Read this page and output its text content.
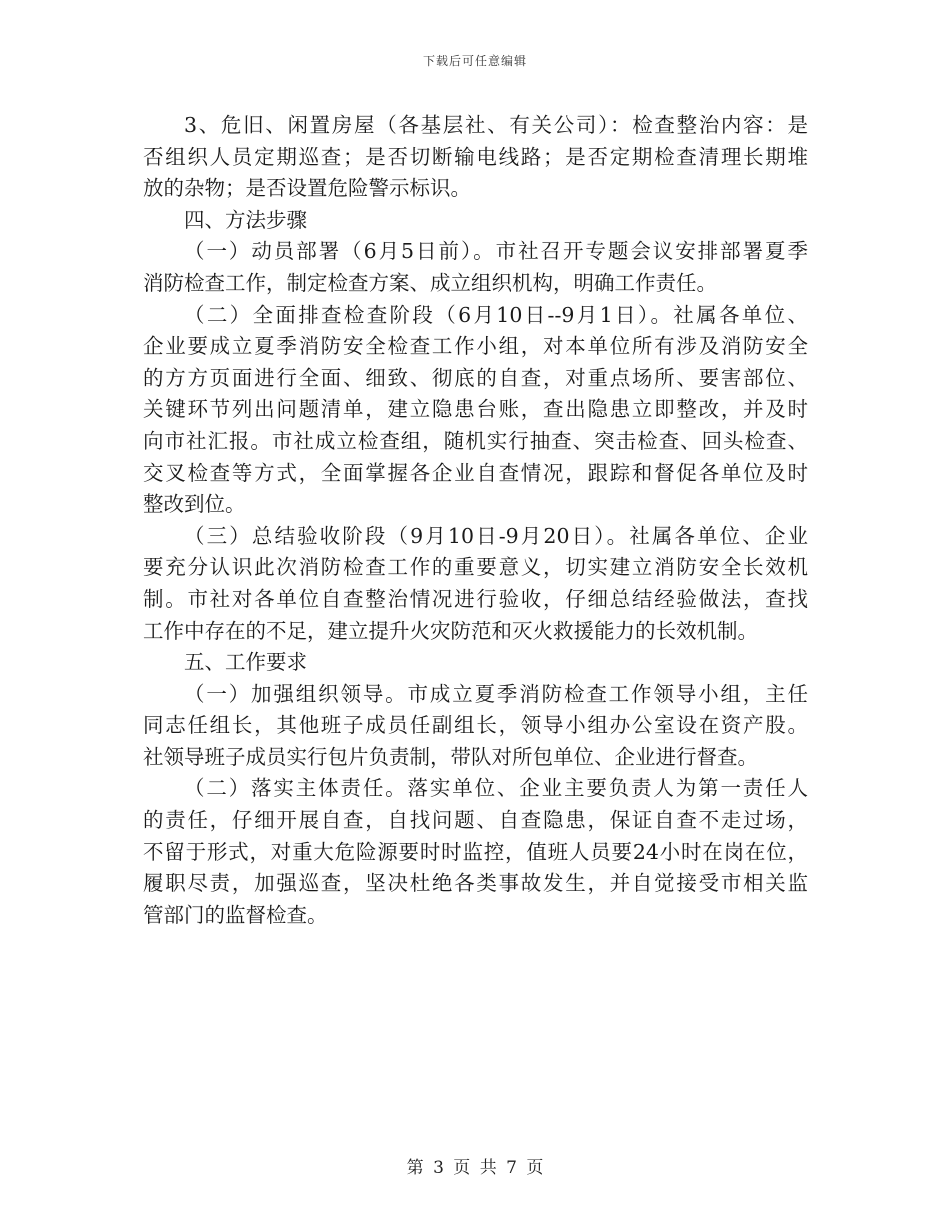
下载后可任意编辑
3、危旧、闲置房屋（各基层社、有关公司）：检查整治内容：是
否组织人员定期巡查；是否切断输电线路；是否定期检查清理长期堆
放的杂物；是否设置危险警示标识。
四、方法步骤
（一）动员部署（6月5日前）。市社召开专题会议安排部署夏季
消防检查工作，制定检查方案、成立组织机构，明确工作责任。
（二）全面排查检查阶段（6月10日--9月1日）。社属各单位、
企业要成立夏季消防安全检查工作小组，对本单位所有涉及消防安全
的方方页面进行全面、细致、彻底的自查，对重点场所、要害部位、
关键环节列出问题清单，建立隐患台账，查出隐患立即整改，并及时
向市社汇报。市社成立检查组，随机实行抽查、突击检查、回头检查、
交叉检查等方式，全面掌握各企业自查情况，跟踪和督促各单位及时
整改到位。
（三）总结验收阶段（9月10日-9月20日）。社属各单位、企业
要充分认识此次消防检查工作的重要意义，切实建立消防安全长效机
制。市社对各单位自查整治情况进行验收，仔细总结经验做法，查找
工作中存在的不足，建立提升火灾防范和灭火救援能力的长效机制。
五、工作要求
（一）加强组织领导。市成立夏季消防检查工作领导小组，主任
同志任组长，其他班子成员任副组长，领导小组办公室设在资产股。
社领导班子成员实行包片负责制，带队对所包单位、企业进行督查。
（二）落实主体责任。落实单位、企业主要负责人为第一责任人
的责任，仔细开展自查，自找问题、自查隐患，保证自查不走过场，
不留于形式，对重大危险源要时时监控，值班人员要24小时在岗在位，
履职尽责，加强巡查，坚决杜绝各类事故发生，并自觉接受市相关监
管部门的监督检查。
第 3 页 共 7 页
